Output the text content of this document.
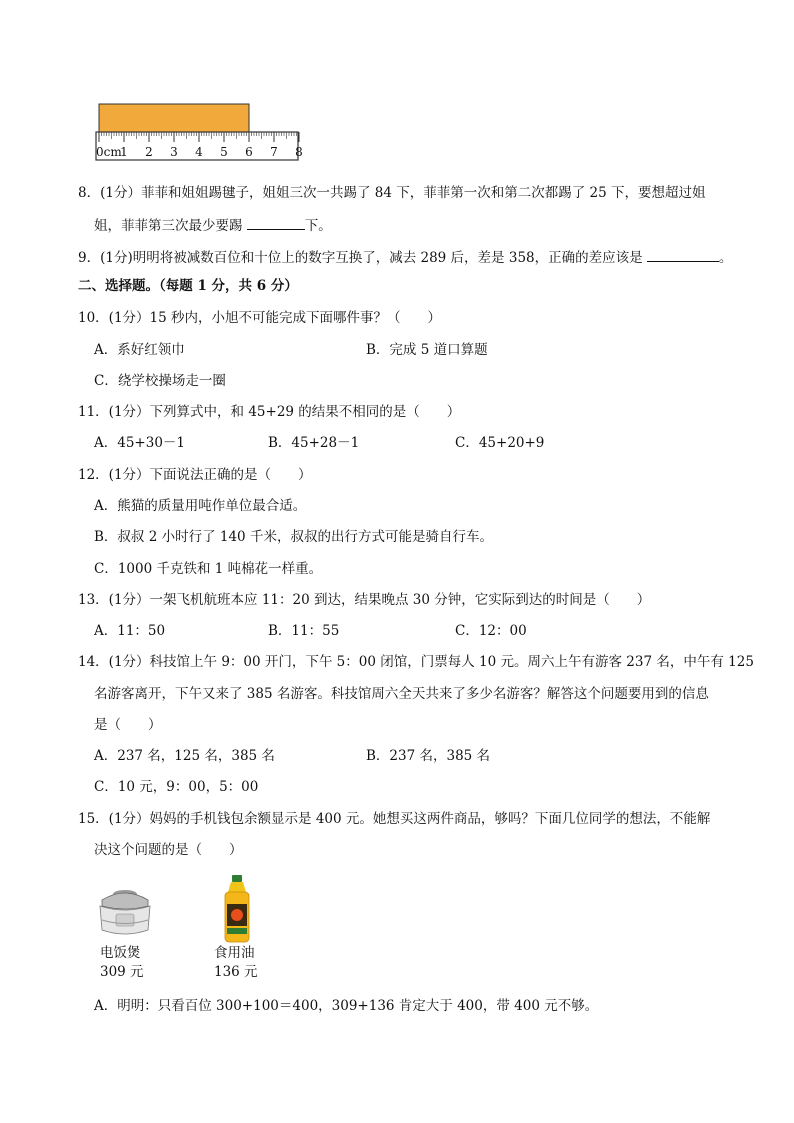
0cm
1 2 3 4 5 6 7 8
8．(1分）菲菲和姐姐踢毽子，姐姐三次一共踢了 84 下，菲菲第一次和第二次都踢了 25 下，要想超过姐
姐，菲菲第三次最少要踢	下。
9．(1分)明明将被减数百位和十位上的数字互换了，减去 289 后，差是 358，正确的差应该是	。
二、选择题。（每题 1 分，共 6 分）
10．(1分）15 秒内，小旭不可能完成下面哪件事？（　　）
A．系好红领巾	B．完成 5 道口算题
C．绕学校操场走一圈
11．(1分）下列算式中，和 45+29 的结果不相同的是（　　）
A．45+30－1	B．45+28－1	C．45+20+9
12．(1分）下面说法正确的是（　　）
A．熊猫的质量用吨作单位最合适。
B．叔叔 2 小时行了 140 千米，叔叔的出行方式可能是骑自行车。
C．1000 千克铁和 1 吨棉花一样重。
13．(1分）一架飞机航班本应 11：20 到达，结果晚点 30 分钟，它实际到达的时间是（　　）
A．11：50	B．11：55	C．12：00
14．(1分）科技馆上午 9：00 开门，下午 5：00 闭馆，门票每人 10 元。周六上午有游客 237 名，中午有 125
名游客离开，下午又来了 385 名游客。科技馆周六全天共来了多少名游客？解答这个问题要用到的信息
是（　　）
A．237 名，125 名，385 名	B．237 名，385 名
C．10 元，9：00，5：00
15．(1分）妈妈的手机钱包余额显示是 400 元。她想买这两件商品，够吗？下面几位同学的想法，不能解
决这个问题的是（　　）
电饭煲
309 元
食用油
136 元
A．明明：只看百位 300+100＝400，309+136 肯定大于 400，带 400 元不够。
